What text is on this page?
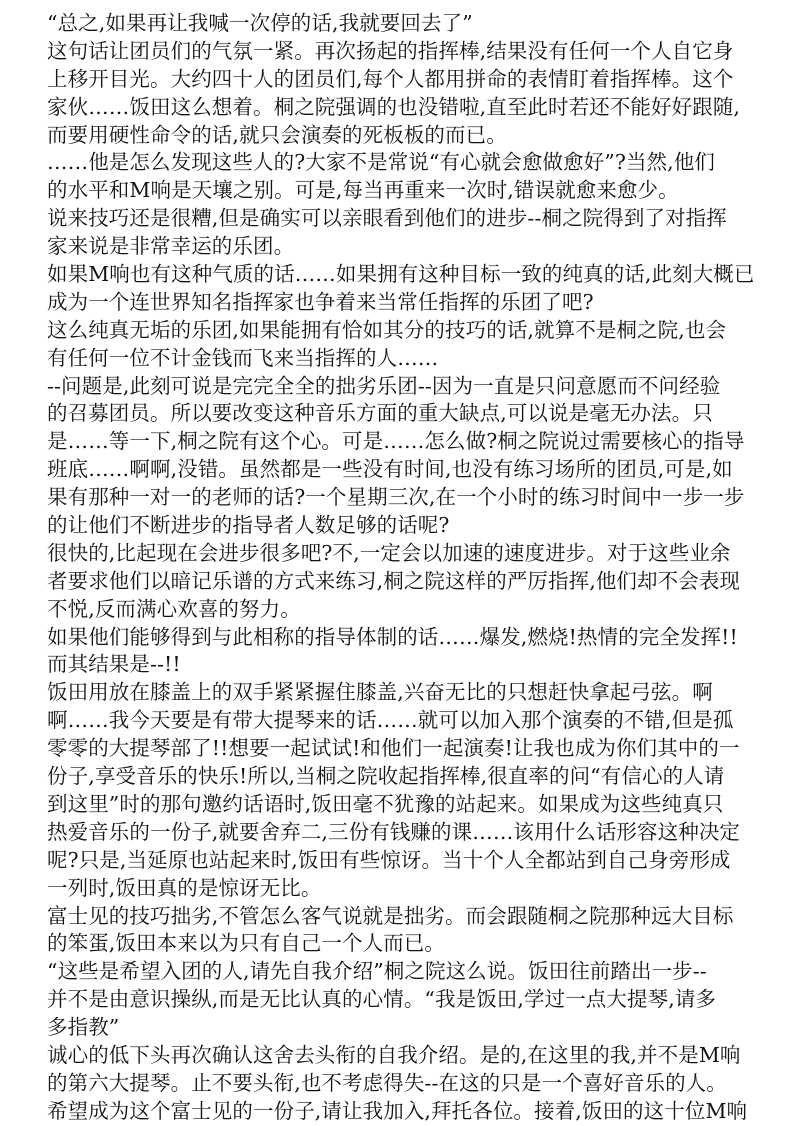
“总之,如果再让我喊一次停的话,我就要回去了”
这句话让团员们的气氛一紧。再次扬起的指挥棒,结果没有任何一个人自它身
上移开目光。大约四十人的团员们,每个人都用拼命的表情盯着指挥棒。这个
家伙……饭田这么想着。桐之院强调的也没错啦,直至此时若还不能好好跟随,
而要用硬性命令的话,就只会演奏的死板板的而已。
……他是怎么发现这些人的?大家不是常说“有心就会愈做愈好”?当然,他们
的水平和M响是天壤之别。可是,每当再重来一次时,错误就愈来愈少。
说来技巧还是很糟,但是确实可以亲眼看到他们的进步--桐之院得到了对指挥
家来说是非常幸运的乐团。
如果M响也有这种气质的话……如果拥有这种目标一致的纯真的话,此刻大概已
成为一个连世界知名指挥家也争着来当常任指挥的乐团了吧?
这么纯真无垢的乐团,如果能拥有恰如其分的技巧的话,就算不是桐之院,也会
有任何一位不计金钱而飞来当指挥的人……
--问题是,此刻可说是完完全全的拙劣乐团--因为一直是只问意愿而不问经验
的召募团员。所以要改变这种音乐方面的重大缺点,可以说是毫无办法。只
是……等一下,桐之院有这个心。可是……怎么做?桐之院说过需要核心的指导
班底……啊啊,没错。虽然都是一些没有时间,也没有练习场所的团员,可是,如
果有那种一对一的老师的话?一个星期三次,在一个小时的练习时间中一步一步
的让他们不断进步的指导者人数足够的话呢?
很快的,比起现在会进步很多吧?不,一定会以加速的速度进步。对于这些业余
者要求他们以暗记乐谱的方式来练习,桐之院这样的严厉指挥,他们却不会表现
不悦,反而满心欢喜的努力。
如果他们能够得到与此相称的指导体制的话……爆发,燃烧!热情的完全发挥!!
而其结果是--!!
饭田用放在膝盖上的双手紧紧握住膝盖,兴奋无比的只想赶快拿起弓弦。啊
啊……我今天要是有带大提琴来的话……就可以加入那个演奏的不错,但是孤
零零的大提琴部了!!想要一起试试!和他们一起演奏!让我也成为你们其中的一
份子,享受音乐的快乐!所以,当桐之院收起指挥棒,很直率的问“有信心的人请
到这里”时的那句邀约话语时,饭田毫不犹豫的站起来。如果成为这些纯真只
热爱音乐的一份子,就要舍弃二,三份有钱赚的课……该用什么话形容这种决定
呢?只是,当延原也站起来时,饭田有些惊讶。当十个人全都站到自己身旁形成
一列时,饭田真的是惊讶无比。
富士见的技巧拙劣,不管怎么客气说就是拙劣。而会跟随桐之院那种远大目标
的笨蛋,饭田本来以为只有自己一个人而已。
“这些是希望入团的人,请先自我介绍”桐之院这么说。饭田往前踏出一步--
并不是由意识操纵,而是无比认真的心情。“我是饭田,学过一点大提琴,请多
多指教”
诚心的低下头再次确认这舍去头衔的自我介绍。是的,在这里的我,并不是M响
的第六大提琴。止不要头衔,也不考虑得失--在这的只是一个喜好音乐的人。
希望成为这个富士见的一份子,请让我加入,拜托各位。接着,饭田的这十位M响
